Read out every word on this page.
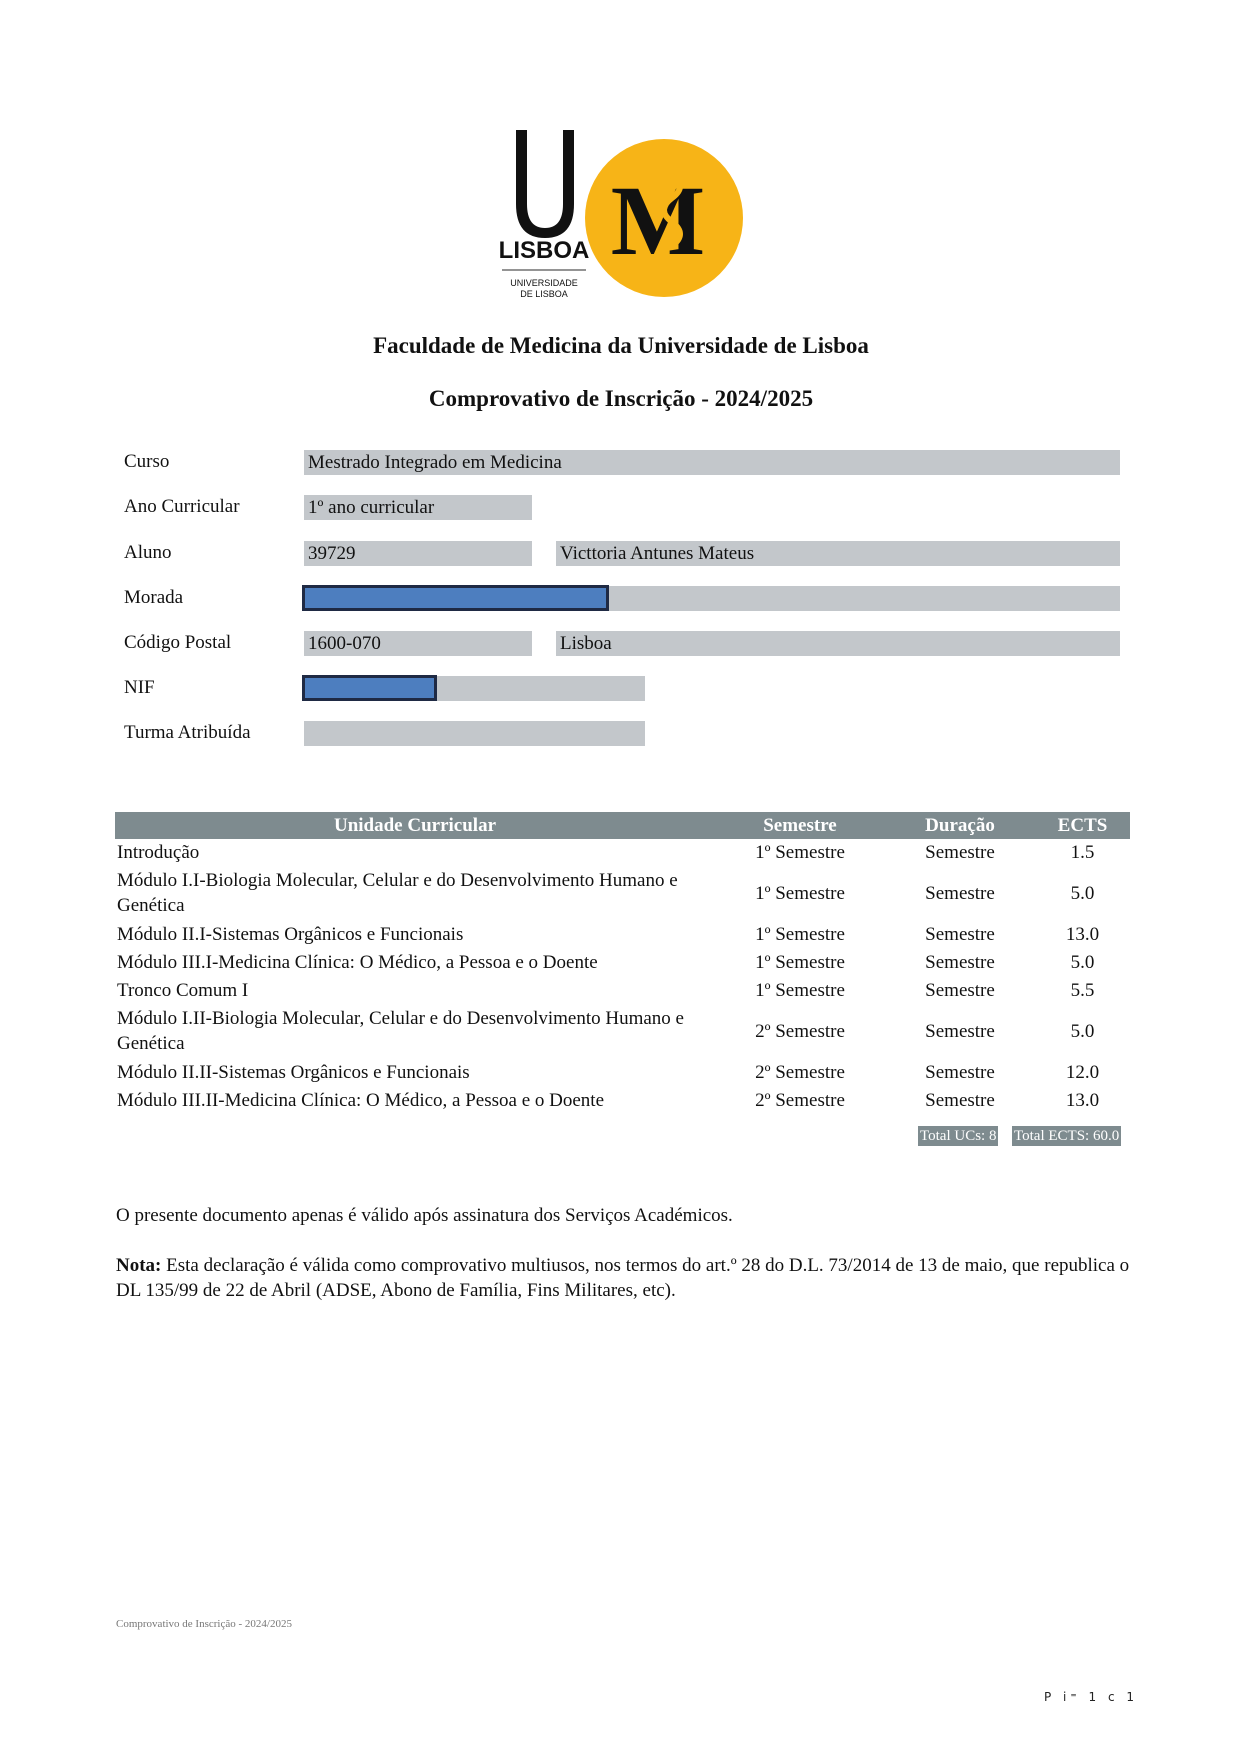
LISBOA
UNIVERSIDADE
DE LISBOA
M
Faculdade de Medicina da Universidade de Lisboa
Comprovativo de Inscrição - 2024/2025
Curso	Mestrado Integrado em Medicina
Ano Curricular	1º ano curricular
Aluno	39729	Victtoria Antunes Mateus
Morada
Código Postal	1600-070	Lisboa
NIF
Turma Atribuída
Unidade Curricular	Semestre	Duração	ECTS
Introdução	1º Semestre	Semestre	1.5
Módulo I.I-Biologia Molecular, Celular e do Desenvolvimento Humano e Genética	1º Semestre	Semestre	5.0
Módulo II.I-Sistemas Orgânicos e Funcionais	1º Semestre	Semestre	13.0
Módulo III.I-Medicina Clínica: O Médico, a Pessoa e o Doente	1º Semestre	Semestre	5.0
Tronco Comum I	1º Semestre	Semestre	5.5
Módulo I.II-Biologia Molecular, Celular e do Desenvolvimento Humano e Genética	2º Semestre	Semestre	5.0
Módulo II.II-Sistemas Orgânicos e Funcionais	2º Semestre	Semestre	12.0
Módulo III.II-Medicina Clínica: O Médico, a Pessoa e o Doente	2º Semestre	Semestre	13.0
Total UCs: 8 Total ECTS: 60.0

O presente documento apenas é válido após assinatura dos Serviços Académicos.

Nota: Esta declaração é válida como comprovativo multiusos, nos termos do art.º 28 do D.L. 73/2014 de 13 de maio, que republica o DL 135/99 de 22 de Abril (ADSE, Abono de Família, Fins Militares, etc).

Comprovativo de Inscrição - 2024/2025
P i⁼ 1 c 1
